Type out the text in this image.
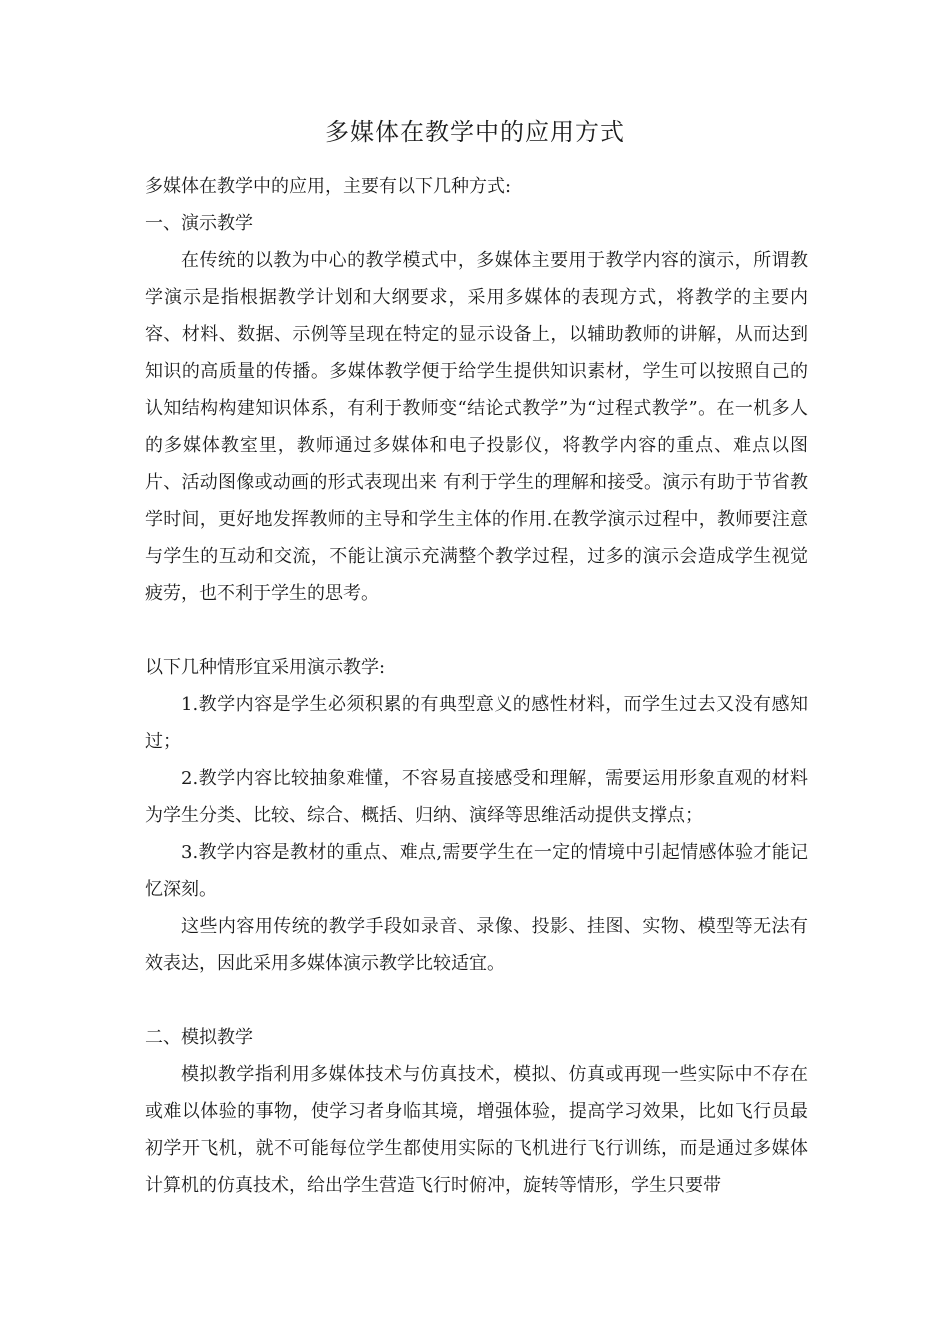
多媒体在教学中的应用方式

多媒体在教学中的应用，主要有以下几种方式:

一、演示教学

在传统的以教为中心的教学模式中，多媒体主要用于教学内容的演示，所谓教学演示是指根据教学计划和大纲要求，采用多媒体的表现方式，将教学的主要内容、材料、数据、示例等呈现在特定的显示设备上，以辅助教师的讲解，从而达到知识的高质量的传播。多媒体教学便于给学生提供知识素材，学生可以按照自己的认知结构构建知识体系，有利于教师变“结论式教学”为“过程式教学”。在一机多人的多媒体教室里，教师通过多媒体和电子投影仪，将教学内容的重点、难点以图片、活动图像或动画的形式表现出来 有利于学生的理解和接受。演示有助于节省教学时间，更好地发挥教师的主导和学生主体的作用.在教学演示过程中，教师要注意与学生的互动和交流，不能让演示充满整个教学过程，过多的演示会造成学生视觉疲劳，也不利于学生的思考。

以下几种情形宜采用演示教学:

1.教学内容是学生必须积累的有典型意义的感性材料，而学生过去又没有感知过；

2.教学内容比较抽象难懂，不容易直接感受和理解，需要运用形象直观的材料为学生分类、比较、综合、概括、归纳、演绎等思维活动提供支撑点；

3.教学内容是教材的重点、难点,需要学生在一定的情境中引起情感体验才能记忆深刻。

这些内容用传统的教学手段如录音、录像、投影、挂图、实物、模型等无法有效表达，因此采用多媒体演示教学比较适宜。

二、模拟教学

模拟教学指利用多媒体技术与仿真技术，模拟、仿真或再现一些实际中不存在或难以体验的事物，使学习者身临其境，增强体验，提高学习效果，比如飞行员最初学开飞机，就不可能每位学生都使用实际的飞机进行飞行训练，而是通过多媒体计算机的仿真技术，给出学生营造飞行时俯冲，旋转等情形，学生只要带
